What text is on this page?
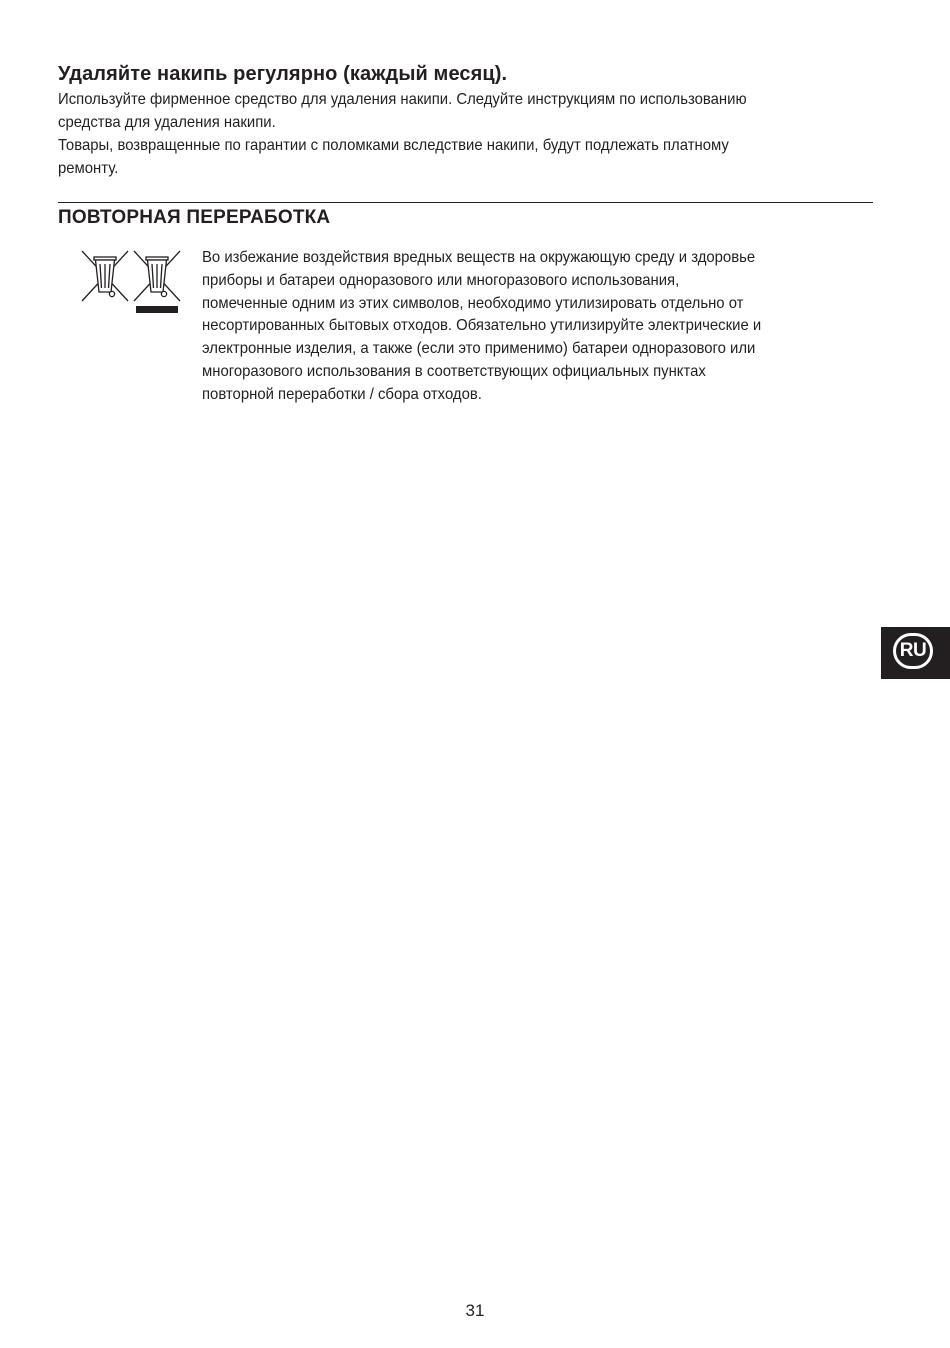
Удаляйте накипь регулярно (каждый месяц).

Используйте фирменное средство для удаления накипи. Следуйте инструкциям по использованию

средства для удаления накипи.

Товары, возвращенные по гарантии с поломками вследствие накипи, будут подлежать платному

ремонту.

ПОВТОРНАЯ ПЕРЕРАБОТКА
Во избежание воздействия вредных веществ на окружающую среду и здоровье
приборы и батареи одноразового или многоразового использования,
помеченные одним из этих символов, необходимо утилизировать отдельно от
несортированных бытовых отходов. Обязательно утилизируйте электрические и
электронные изделия, а также (если это применимо) батареи одноразового или
многоразового использования в соответствующих официальных пунктах
повторной переработки / сбора отходов.
RU
31
